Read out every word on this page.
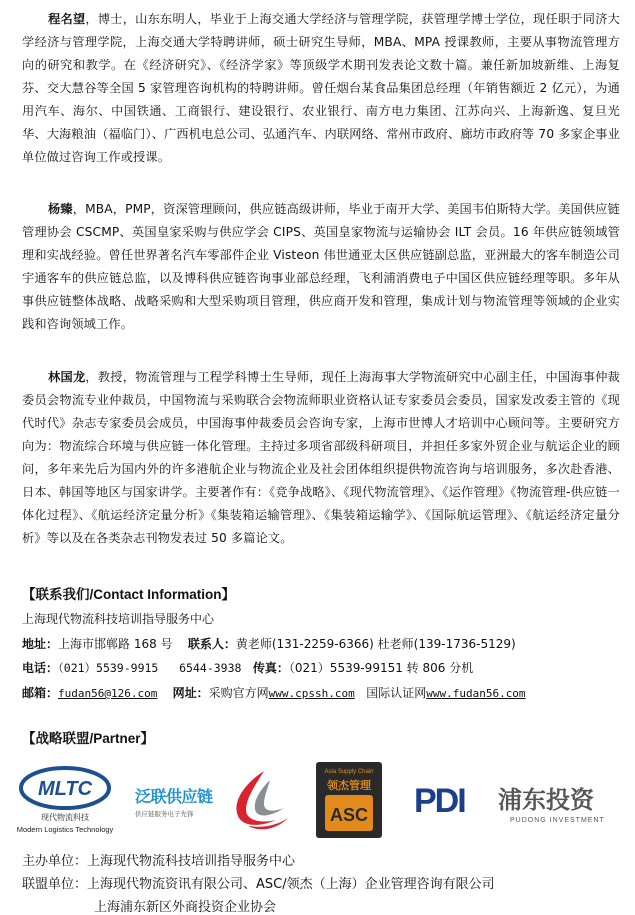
程名望，博士，山东东明人，毕业于上海交通大学经济与管理学院，获管理学博士学位，现任职于同济大学经济与管理学院，上海交通大学特聘讲师，硕士研究生导师，MBA、MPA 授课教师，主要从事物流管理方向的研究和教学。在《经济研究》、《经济学家》等顶级学术期刊发表论文数十篇。兼任新加坡新维、上海复芬、交大慧谷等全国 5 家管理咨询机构的特聘讲师。曾任烟台某食品集团总经理（年销售额近 2 亿元），为通用汽车、海尔、中国铁通、工商银行、建设银行、农业银行、南方电力集团、江苏向兴、上海新逸、复旦光华、大海粮油（福临门）、广西机电总公司、弘通汽车、内联网络、常州市政府、廊坊市政府等 70 多家企事业单位做过咨询工作或授课。
杨臻，MBA，PMP，资深管理顾问，供应链高级讲师，毕业于南开大学、美国韦伯斯特大学。美国供应链管理协会 CSCMP、英国皇家采购与供应学会 CIPS、英国皇家物流与运输协会 ILT 会员。16 年供应链领域管理和实战经验。曾任世界著名汽车零部件企业 Visteon 伟世通亚太区供应链副总监，亚洲最大的客车制造公司宇通客车的供应链总监，以及博科供应链咨询事业部总经理，飞利浦消费电子中国区供应链经理等职。多年从事供应链整体战略、战略采购和大型采购项目管理，供应商开发和管理，集成计划与物流管理等领域的企业实践和咨询领域工作。
林国龙，教授，物流管理与工程学科博士生导师，现任上海海事大学物流研究中心副主任，中国海事仲裁委员会物流专业仲裁员，中国物流与采购联合会物流师职业资格认证专家委员会委员，国家发改委主管的《现代时代》杂志专家委员会成员，中国海事仲裁委员会咨询专家，上海市世博人才培训中心顾问等。主要研究方向为：物流综合环境与供应链一体化管理。主持过多项省部级科研项目，并担任多家外贸企业与航运企业的顾问，多年来先后为国内外的许多港航企业与物流企业及社会团体组织提供物流咨询与培训服务，多次赴香港、日本、韩国等地区与国家讲学。主要著作有：《竞争战略》、《现代物流管理》、《运作管理》《物流管理-供应链一体化过程》、《航运经济定量分析》《集装箱运输管理》、《集装箱运输学》、《国际航运管理》、《航运经济定量分析》等以及在各类杂志刊物发表过 50 多篇论文。
【联系我们/Contact Information】
上海现代物流科技培训指导服务中心
地址：上海市邯郸路 168 号 联系人：黄老师(131-2259-6366) 杜老师(139-1736-5129)
电话：（021）5539-9915   6544-3938 传真：（021）5539-99151 转 806 分机
邮箱：fudan56@126.com 网址：采购官方网www.cpssh.com 国际认证网www.fudan56.com
【战略联盟/Partner】
MLTC
现代物流科技
Modern Logistics Technology
泛联供应链
供应链服务电子先锋
Asia Supply Chain
领杰管理
ASC PDI 浦东投资
PUDONG INVESTMENT
主办单位：上海现代物流科技培训指导服务中心
联盟单位：上海现代物流资讯有限公司、ASC/领杰（上海）企业管理咨询有限公司
上海浦东新区外商投资企业协会
